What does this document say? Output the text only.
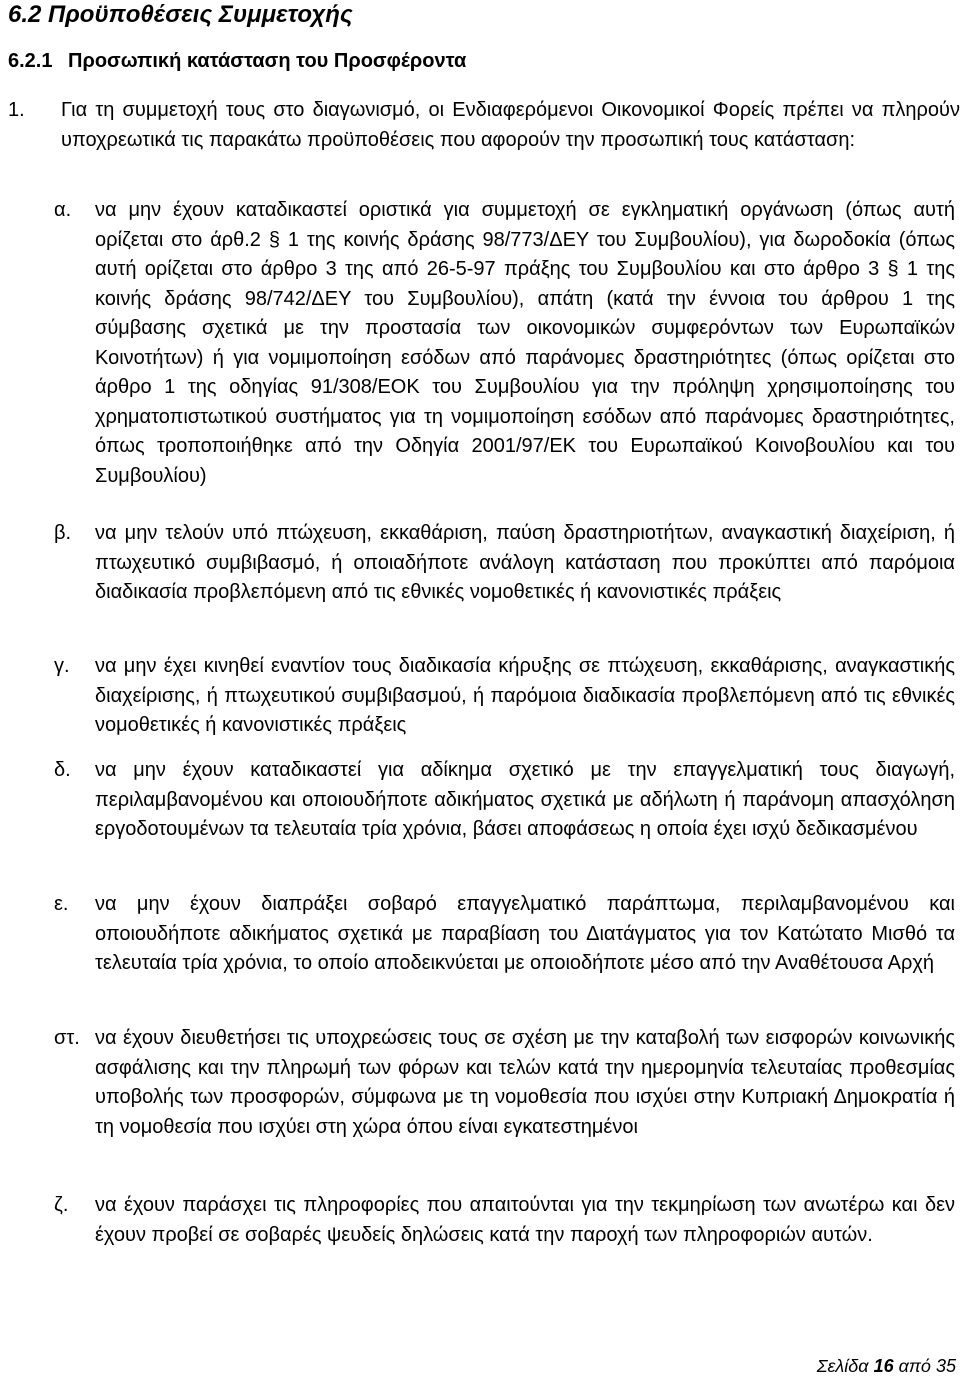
6.2 Προϋποθέσεις Συμμετοχής
6.2.1 Προσωπική κατάσταση του Προσφέροντα
1. Για τη συμμετοχή τους στο διαγωνισμό, οι Ενδιαφερόμενοι Οικονομικοί Φορείς πρέπει να πληρούν υποχρεωτικά τις παρακάτω προϋποθέσεις που αφορούν την προσωπική τους κατάσταση:
α. να μην έχουν καταδικαστεί οριστικά για συμμετοχή σε εγκληματική οργάνωση (όπως αυτή ορίζεται στο άρθ.2 § 1 της κοινής δράσης 98/773/ΔΕΥ του Συμβουλίου), για δωροδοκία (όπως αυτή ορίζεται στο άρθρο 3 της από 26-5-97 πράξης του Συμβουλίου και στο άρθρο 3 § 1 της κοινής δράσης 98/742/ΔΕΥ του Συμβουλίου), απάτη (κατά την έννοια του άρθρου 1 της σύμβασης σχετικά με την προστασία των οικονομικών συμφερόντων των Ευρωπαϊκών Κοινοτήτων) ή για νομιμοποίηση εσόδων από παράνομες δραστηριότητες (όπως ορίζεται στο άρθρο 1 της οδηγίας 91/308/ΕΟΚ του Συμβουλίου για την πρόληψη χρησιμοποίησης του χρηματοπιστωτικού συστήματος για τη νομιμοποίηση εσόδων από παράνομες δραστηριότητες, όπως τροποποιήθηκε από την Οδηγία 2001/97/ΕΚ του Ευρωπαϊκού Κοινοβουλίου και του Συμβουλίου)
β. να μην τελούν υπό πτώχευση, εκκαθάριση, παύση δραστηριοτήτων, αναγκαστική διαχείριση, ή πτωχευτικό συμβιβασμό, ή οποιαδήποτε ανάλογη κατάσταση που προκύπτει από παρόμοια διαδικασία προβλεπόμενη από τις εθνικές νομοθετικές ή κανονιστικές πράξεις
γ. να μην έχει κινηθεί εναντίον τους διαδικασία κήρυξης σε πτώχευση, εκκαθάρισης, αναγκαστικής διαχείρισης, ή πτωχευτικού συμβιβασμού, ή παρόμοια διαδικασία προβλεπόμενη από τις εθνικές νομοθετικές ή κανονιστικές πράξεις
δ. να μην έχουν καταδικαστεί για αδίκημα σχετικό με την επαγγελματική τους διαγωγή, περιλαμβανομένου και οποιουδήποτε αδικήματος σχετικά με αδήλωτη ή παράνομη απασχόληση εργοδοτουμένων τα τελευταία τρία χρόνια, βάσει αποφάσεως η οποία έχει ισχύ δεδικασμένου
ε. να μην έχουν διαπράξει σοβαρό επαγγελματικό παράπτωμα, περιλαμβανομένου και οποιουδήποτε αδικήματος σχετικά με παραβίαση του Διατάγματος για τον Κατώτατο Μισθό τα τελευταία τρία χρόνια, το οποίο αποδεικνύεται με οποιοδήποτε μέσο από την Αναθέτουσα Αρχή
στ. να έχουν διευθετήσει τις υποχρεώσεις τους σε σχέση με την καταβολή των εισφορών κοινωνικής ασφάλισης και την πληρωμή των φόρων και τελών κατά την ημερομηνία τελευταίας προθεσμίας υποβολής των προσφορών, σύμφωνα με τη νομοθεσία που ισχύει στην Κυπριακή Δημοκρατία ή τη νομοθεσία που ισχύει στη χώρα όπου είναι εγκατεστημένοι
ζ. να έχουν παράσχει τις πληροφορίες που απαιτούνται για την τεκμηρίωση των ανωτέρω και δεν έχουν προβεί σε σοβαρές ψευδείς δηλώσεις κατά την παροχή των πληροφοριών αυτών.
Σελίδα 16 από 35
